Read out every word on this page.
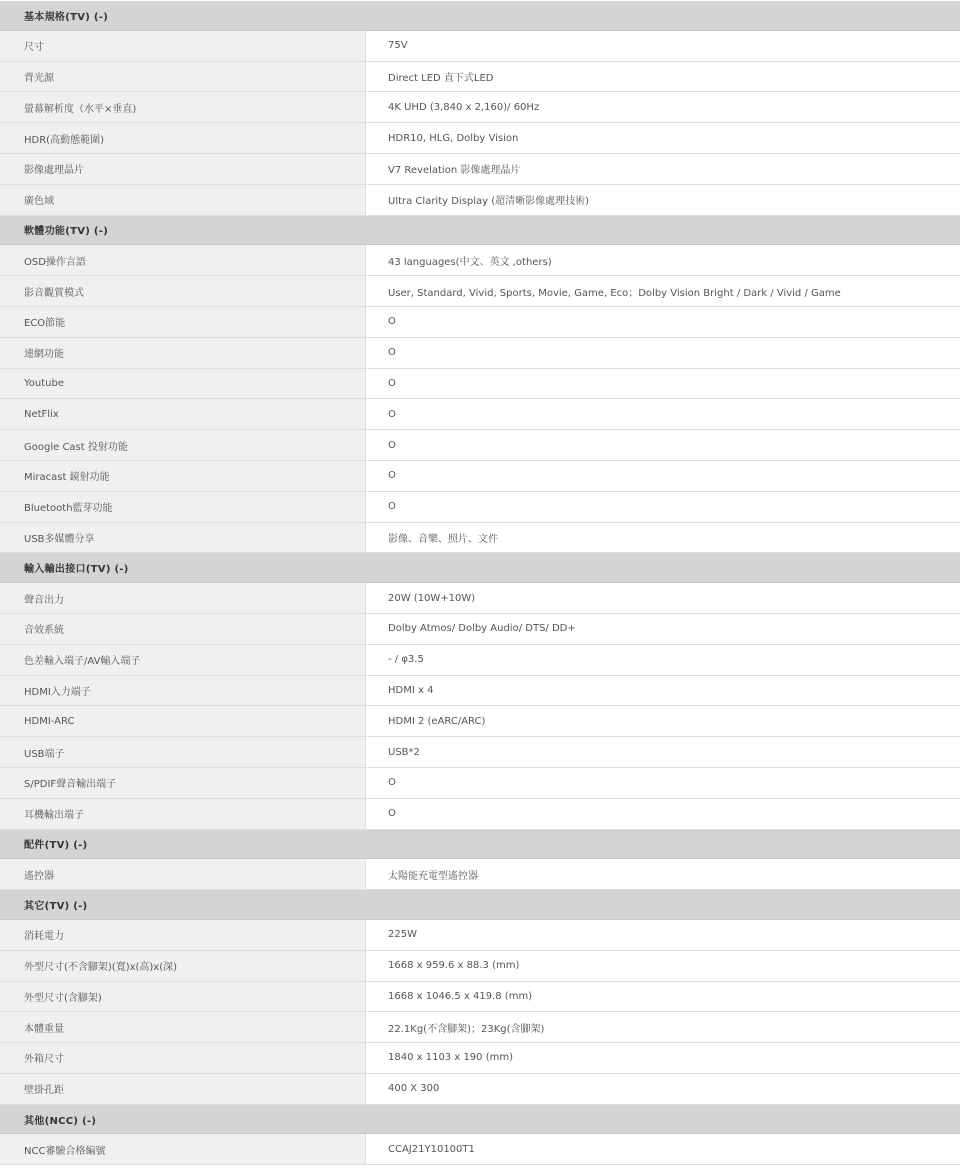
基本規格(TV) (-)
尺寸	75V
背光源	Direct LED 直下式LED
螢幕解析度（水平×垂直)	4K UHD (3,840 x 2,160)/ 60Hz
HDR(高動態範圍)	HDR10, HLG, Dolby Vision
影像處理晶片	V7 Revelation 影像處理晶片
廣色域	Ultra Clarity Display (超清晰影像處理技術)
軟體功能(TV) (-)
OSD操作言語	43 languages(中文、英文 ,others)
影音觀賞模式	User, Standard, Vivid, Sports, Movie, Game, Eco；Dolby Vision Bright / Dark / Vivid / Game
ECO節能	O
連網功能	O
Youtube	O
NetFlix	O
Google Cast 投射功能	O
Miracast 鏡射功能	O
Bluetooth藍芽功能	O
USB多媒體分享	影像、音樂、照片、文件
輸入輸出接口(TV) (-)
聲音出力	20W (10W+10W)
音效系統	Dolby Atmos/ Dolby Audio/ DTS/ DD+
色差輸入端子/AV輸入端子	- / φ3.5
HDMI入力端子	HDMI x 4
HDMI-ARC	HDMI 2 (eARC/ARC)
USB端子	USB*2
S/PDIF聲音輸出端子	O
耳機輸出端子	O
配件(TV) (-)
遙控器	太陽能充電型遙控器
其它(TV) (-)
消耗電力	225W
外型尺寸(不含腳架)(寬)x(高)x(深)	1668 x 959.6 x 88.3 (mm)
外型尺寸(含腳架)	1668 x 1046.5 x 419.8 (mm)
本體重量	22.1Kg(不含腳架)；23Kg(含腳架)
外箱尺寸	1840 x 1103 x 190 (mm)
壁掛孔距	400 X 300
其他(NCC) (-)
NCC審驗合格編號	CCAJ21Y10100T1
